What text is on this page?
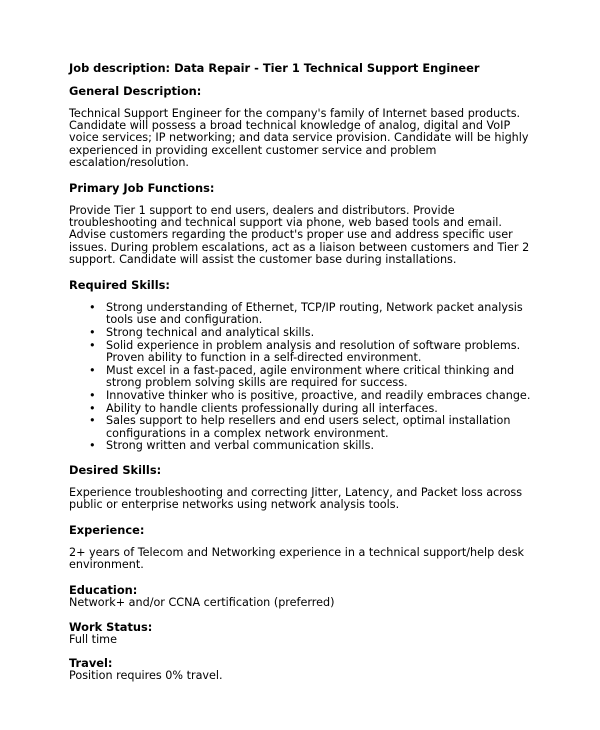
Job description: Data Repair - Tier 1 Technical Support Engineer
General Description:
Technical Support Engineer for the company's family of Internet based products. Candidate will possess a broad technical knowledge of analog, digital and VoIP voice services; IP networking; and data service provision. Candidate will be highly experienced in providing excellent customer service and problem escalation/resolution.
Primary Job Functions:
Provide Tier 1 support to end users, dealers and distributors. Provide troubleshooting and technical support via phone, web based tools and email. Advise customers regarding the product's proper use and address specific user issues. During problem escalations, act as a liaison between customers and Tier 2 support. Candidate will assist the customer base during installations.
Required Skills:
• Strong understanding of Ethernet, TCP/IP routing, Network packet analysis tools use and configuration.
• Strong technical and analytical skills.
• Solid experience in problem analysis and resolution of software problems. Proven ability to function in a self-directed environment.
• Must excel in a fast-paced, agile environment where critical thinking and strong problem solving skills are required for success.
• Innovative thinker who is positive, proactive, and readily embraces change.
• Ability to handle clients professionally during all interfaces.
• Sales support to help resellers and end users select, optimal installation configurations in a complex network environment.
• Strong written and verbal communication skills.
Desired Skills:
Experience troubleshooting and correcting Jitter, Latency, and Packet loss across public or enterprise networks using network analysis tools.
Experience:
2+ years of Telecom and Networking experience in a technical support/help desk environment.
Education:
Network+ and/or CCNA certification (preferred)
Work Status:
Full time
Travel:
Position requires 0% travel.
